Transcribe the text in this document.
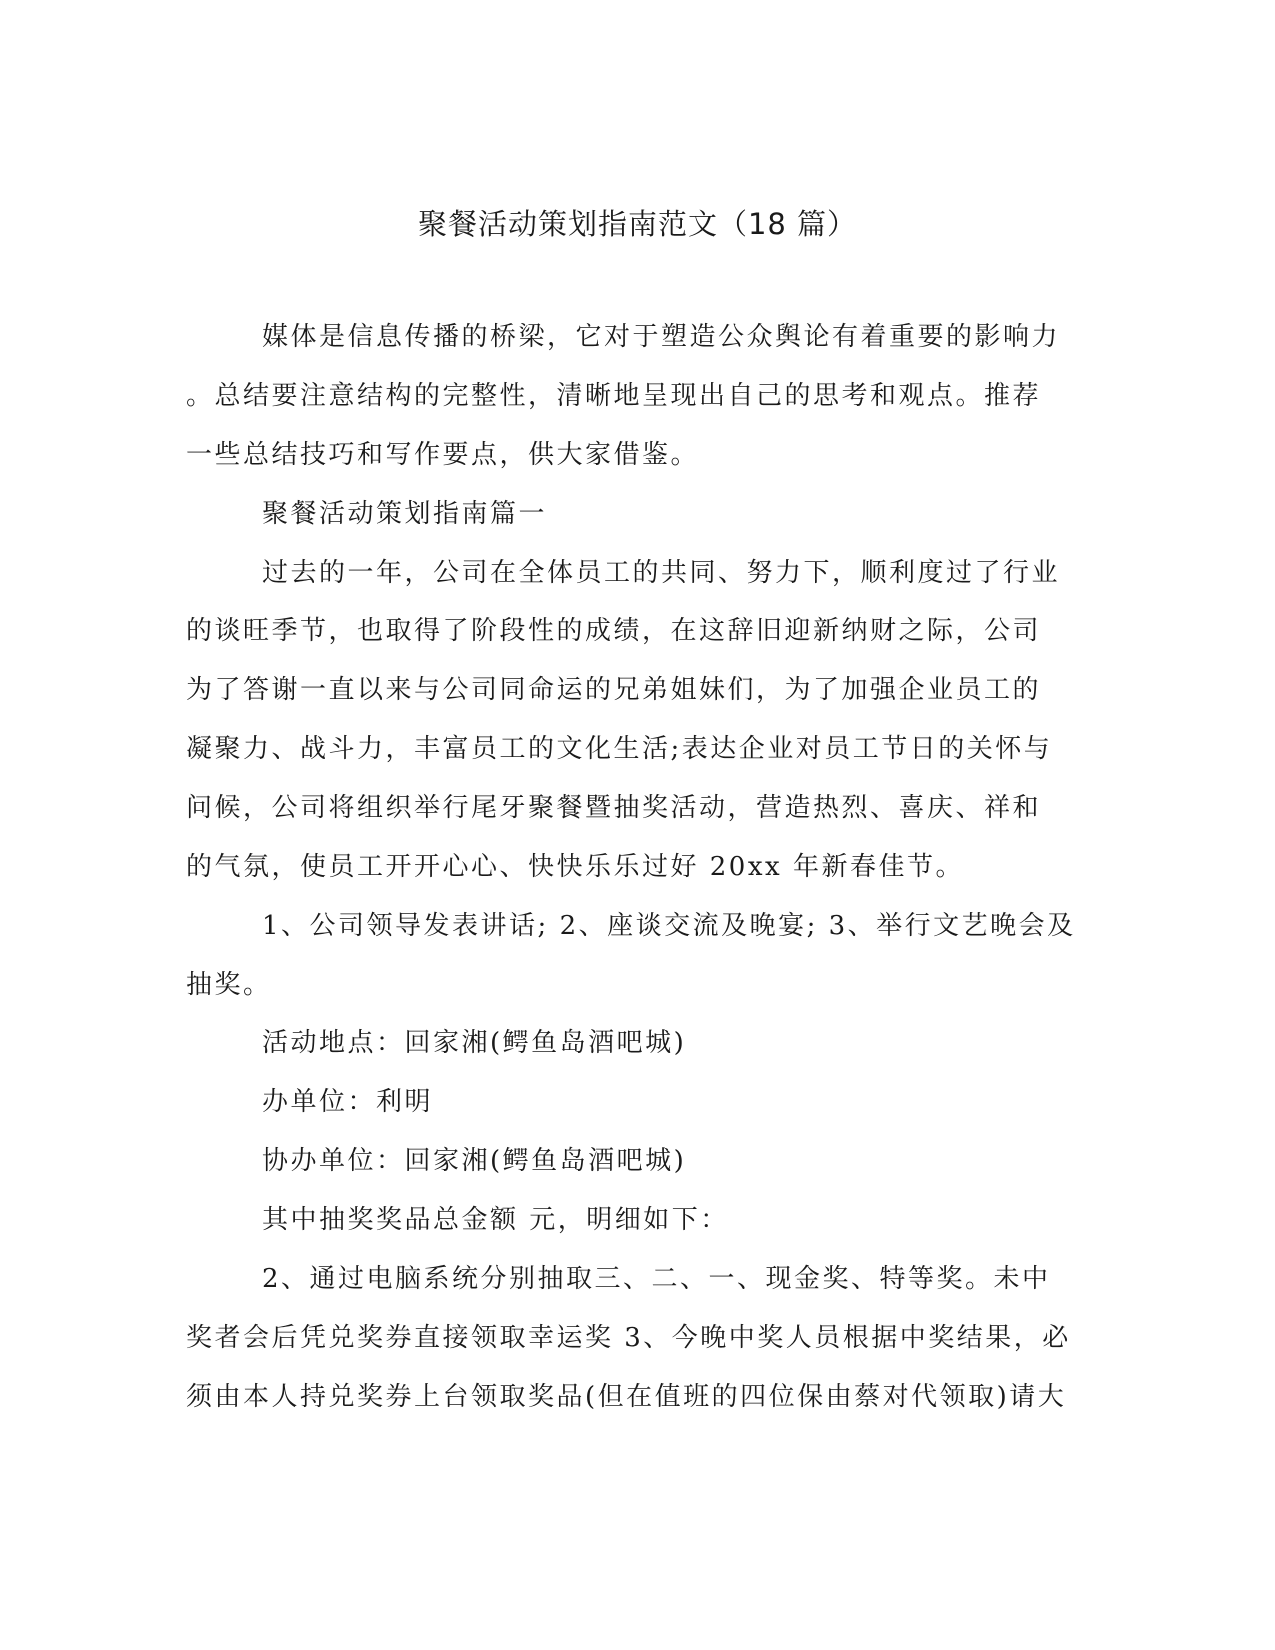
聚餐活动策划指南范文（18 篇）
媒体是信息传播的桥梁，它对于塑造公众舆论有着重要的影响力
。总结要注意结构的完整性，清晰地呈现出自己的思考和观点。推荐
一些总结技巧和写作要点，供大家借鉴。
聚餐活动策划指南篇一
过去的一年，公司在全体员工的共同、努力下，顺利度过了行业
的谈旺季节，也取得了阶段性的成绩，在这辞旧迎新纳财之际，公司
为了答谢一直以来与公司同命运的兄弟姐妹们，为了加强企业员工的
凝聚力、战斗力，丰富员工的文化生活;表达企业对员工节日的关怀与
问候，公司将组织举行尾牙聚餐暨抽奖活动，营造热烈、喜庆、祥和
的气氛，使员工开开心心、快快乐乐过好 20xx 年新春佳节。
1、公司领导发表讲话; 2、座谈交流及晚宴; 3、举行文艺晚会及
抽奖。
活动地点：回家湘(鳄鱼岛酒吧城)
办单位：利明
协办单位：回家湘(鳄鱼岛酒吧城)
其中抽奖奖品总金额 元，明细如下：
2、通过电脑系统分别抽取三、二、一、现金奖、特等奖。未中
奖者会后凭兑奖券直接领取幸运奖 3、今晚中奖人员根据中奖结果，必
须由本人持兑奖券上台领取奖品(但在值班的四位保由蔡对代领取)请大
